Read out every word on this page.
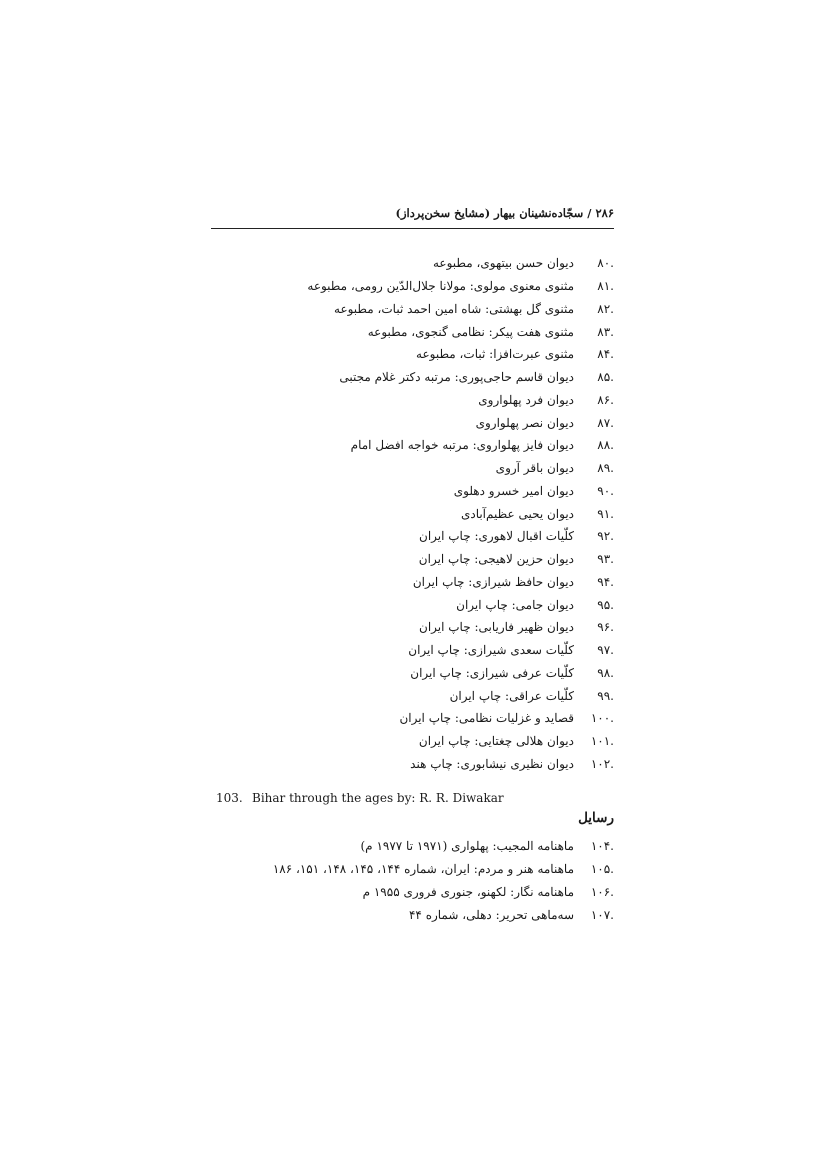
۲۸۶ / سجّاده‌نشینان بیهار (مشایخ سخن‌پرداز)
.۸۰
دیوان حسن بیتهوی، مطبوعه
.۸۱
مثنوی معنوی مولوی: مولانا جلال‌الدّین رومی، مطبوعه
.۸۲
مثنوی گل بهشتی: شاه امین احمد ثبات، مطبوعه
.۸۳
مثنوی هفت پیکر: نظامی گنجوی، مطبوعه
.۸۴
مثنوی عبرت‌افزا: ثبات، مطبوعه
.۸۵
دیوان قاسم حاجی‌پوری: مرتبه دکتر غلام مجتبی
.۸۶
دیوان فرد پهلواروی
.۸۷
دیوان نصر پهلواروی
.۸۸
دیوان فایز پهلواروی: مرتبه خواجه افضل امام
.۸۹
دیوان باقر آروی
.۹۰
دیوان امیر خسرو دهلوی
.۹۱
دیوان یحیی عظیم‌آبادی
.۹۲
کلّیات اقبال لاهوری: چاپ ایران
.۹۳
دیوان حزین لاهیجی: چاپ ایران
.۹۴
دیوان حافظ شیرازی: چاپ ایران
.۹۵
دیوان جامی: چاپ ایران
.۹۶
دیوان ظهیر فاریابی: چاپ ایران
.۹۷
کلّیات سعدی شیرازی: چاپ ایران
.۹۸
کلّیات عرفی شیرازی: چاپ ایران
.۹۹
کلّیات عراقی: چاپ ایران
.۱۰۰
قصاید و غزلیات نظامی: چاپ ایران
.۱۰۱
دیوان هلالی چغتایی: چاپ ایران
.۱۰۲
دیوان نظیری نیشابوری: چاپ هند
.۱۰۴
ماهنامه المجیب: پهلواری (۱۹۷۱ تا ۱۹۷۷ م)
.۱۰۵
ماهنامه هنر و مردم: ایران، شماره ۱۴۴، ۱۴۵، ۱۴۸، ۱۵۱، ۱۸۶
.۱۰۶
ماهنامه نگار: لکهنو، جنوری فروری ۱۹۵۵ م
.۱۰۷
سه‌ماهی تحریر: دهلی، شماره ۴۴
103. Bihar through the ages by: R. R. Diwakar
رسایل
